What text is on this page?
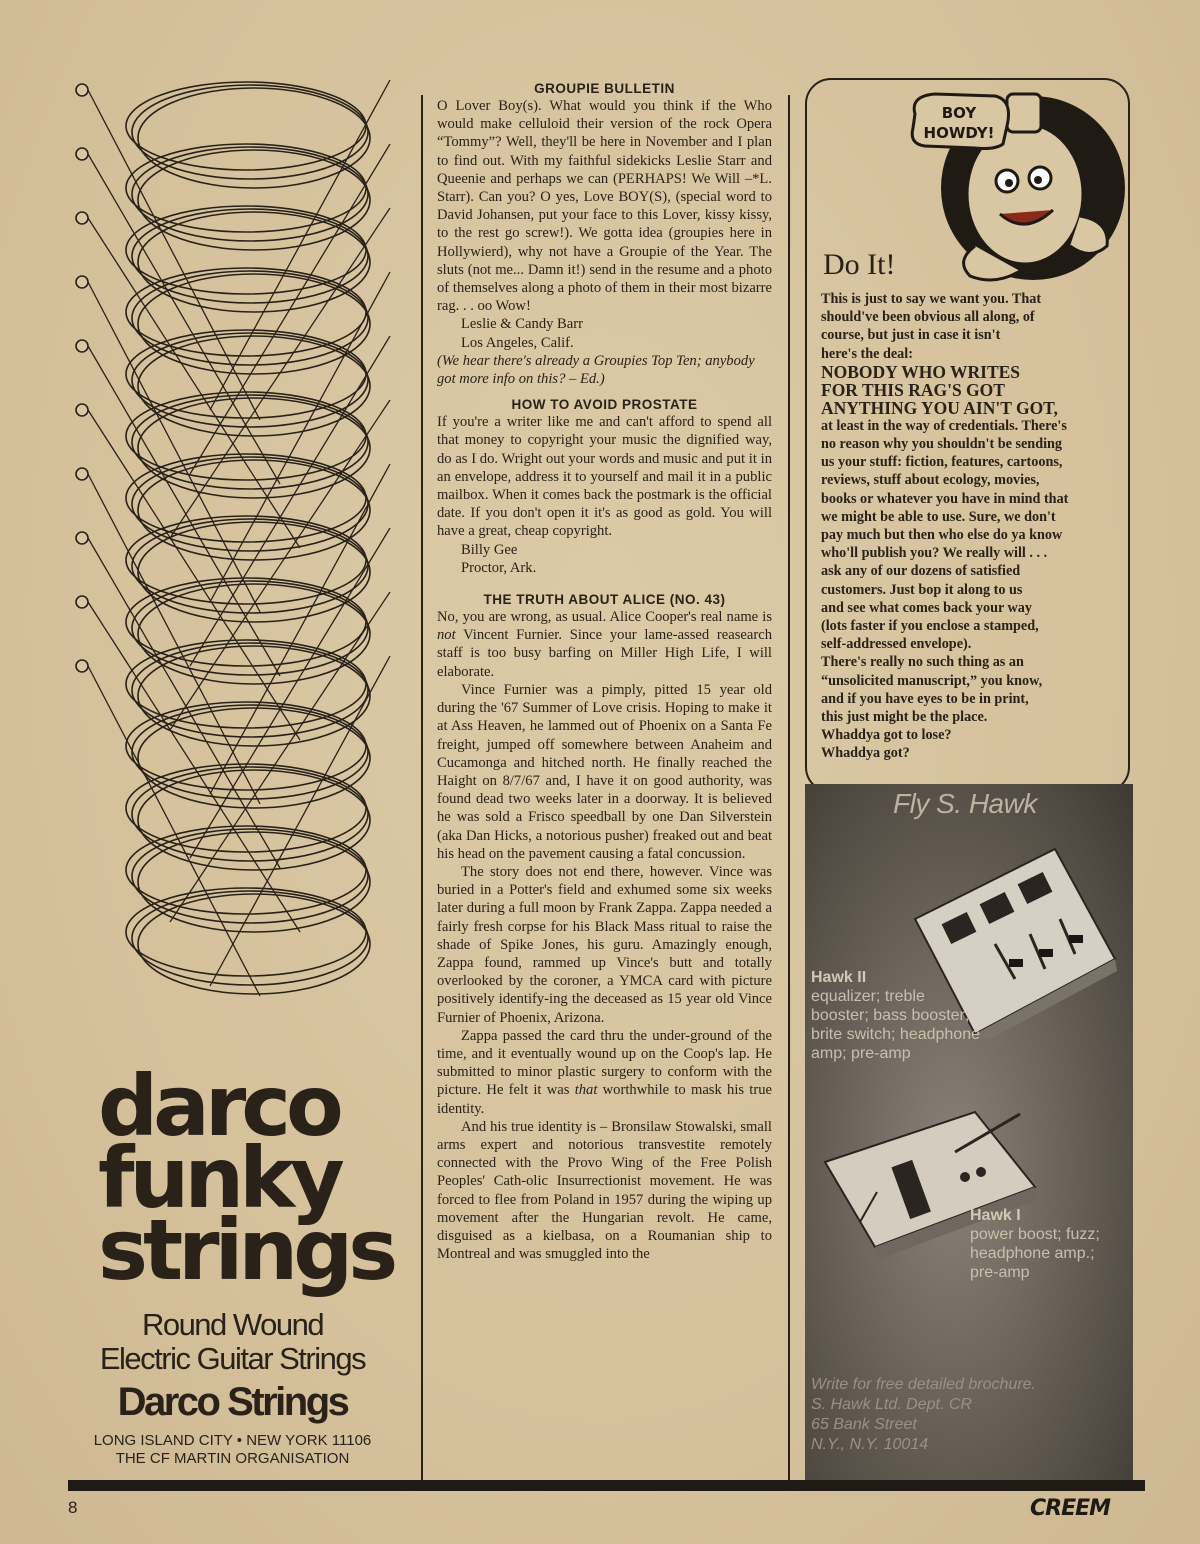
darco
funky
strings
Round Wound
Electric Guitar Strings
Darco Strings
LONG ISLAND CITY • NEW YORK 11106
THE CF MARTIN ORGANISATION
GROUPIE BULLETIN

O Lover Boy(s). What would you think if the Who would make celluloid their version of the rock Opera “Tommy”? Well, they'll be here in November and I plan to find out. With my faithful sidekicks Leslie Starr and Queenie and perhaps we can (PERHAPS! We Will –*L. Starr). Can you? O yes, Love BOY(S), (special word to David Johansen, put your face to this Lover, kissy kissy, to the rest go screw!). We gotta idea (groupies here in Hollywierd), why not have a Groupie of the Year. The sluts (not me... Damn it!) send in the resume and a photo of themselves along a photo of them in their most bizarre rag. . . oo Wow!

Leslie & Candy Barr

Los Angeles, Calif.

(We hear there's already a Groupies Top Ten; anybody got more info on this? – Ed.)

HOW TO AVOID PROSTATE

If you're a writer like me and can't afford to spend all that money to copyright your music the dignified way, do as I do. Wright out your words and music and put it in an envelope, address it to yourself and mail it in a public mailbox. When it comes back the postmark is the official date. If you don't open it it's as good as gold. You will have a great, cheap copyright.

Billy Gee

Proctor, Ark.

THE TRUTH ABOUT ALICE (NO. 43)

No, you are wrong, as usual. Alice Cooper's real name is not Vincent Furnier. Since your lame-assed reasearch staff is too busy barfing on Miller High Life, I will elaborate.

Vince Furnier was a pimply, pitted 15 year old during the '67 Summer of Love crisis. Hoping to make it at Ass Heaven, he lammed out of Phoenix on a Santa Fe freight, jumped off somewhere between Anaheim and Cucamonga and hitched north. He finally reached the Haight on 8/7/67 and, I have it on good authority, was found dead two weeks later in a doorway. It is believed he was sold a Frisco speedball by one Dan Silverstein (aka Dan Hicks, a notorious pusher) freaked out and beat his head on the pavement causing a fatal concussion.

The story does not end there, however. Vince was buried in a Potter's field and exhumed some six weeks later during a full moon by Frank Zappa. Zappa needed a fairly fresh corpse for his Black Mass ritual to raise the shade of Spike Jones, his guru. Amazingly enough, Zappa found, rammed up Vince's butt and totally overlooked by the coroner, a YMCA card with picture positively identify-ing the deceased as 15 year old Vince Furnier of Phoenix, Arizona.

Zappa passed the card thru the under-ground of the time, and it eventually wound up on the Coop's lap. He submitted to minor plastic surgery to conform with the picture. He felt it was that worthwhile to mask his true identity.

And his true identity is – Bronsilaw Stowalski, small arms expert and notorious transvestite remotely connected with the Provo Wing of the Free Polish Peoples' Cath-olic Insurrectionist movement. He was forced to flee from Poland in 1957 during the wiping up movement after the Hungarian revolt. He came, disguised as a kielbasa, on a Roumanian ship to Montreal and was smuggled into the

BOY
HOWDY!
Do It!

This is just to say we want you. That

should've been obvious all along, of

course, but just in case it isn't

here's the deal:

NOBODY WHO WRITES

FOR THIS RAG'S GOT

ANYTHING YOU AIN'T GOT,

at least in the way of credentials. There's

no reason why you shouldn't be sending

us your stuff: fiction, features, cartoons,

reviews, stuff about ecology, movies,

books or whatever you have in mind that

we might be able to use. Sure, we don't

pay much but then who else do ya know

who'll publish you? We really will . . .

ask any of our dozens of satisfied

customers. Just bop it along to us

and see what comes back your way

(lots faster if you enclose a stamped,

self-addressed envelope).

There's really no such thing as an

“unsolicited manuscript,” you know,

and if you have eyes to be in print,

this just might be the place.

Whaddya got to lose?

Whaddya got?

Fly S. Hawk
Hawk II
equalizer; treble
booster; bass booster;
brite switch; headphone
amp; pre-amp
Hawk I
power boost; fuzz;
headphone amp.;
pre-amp
Write for free detailed brochure.
S. Hawk Ltd. Dept. CR
65 Bank Street
N.Y., N.Y. 10014
8	CREEM
